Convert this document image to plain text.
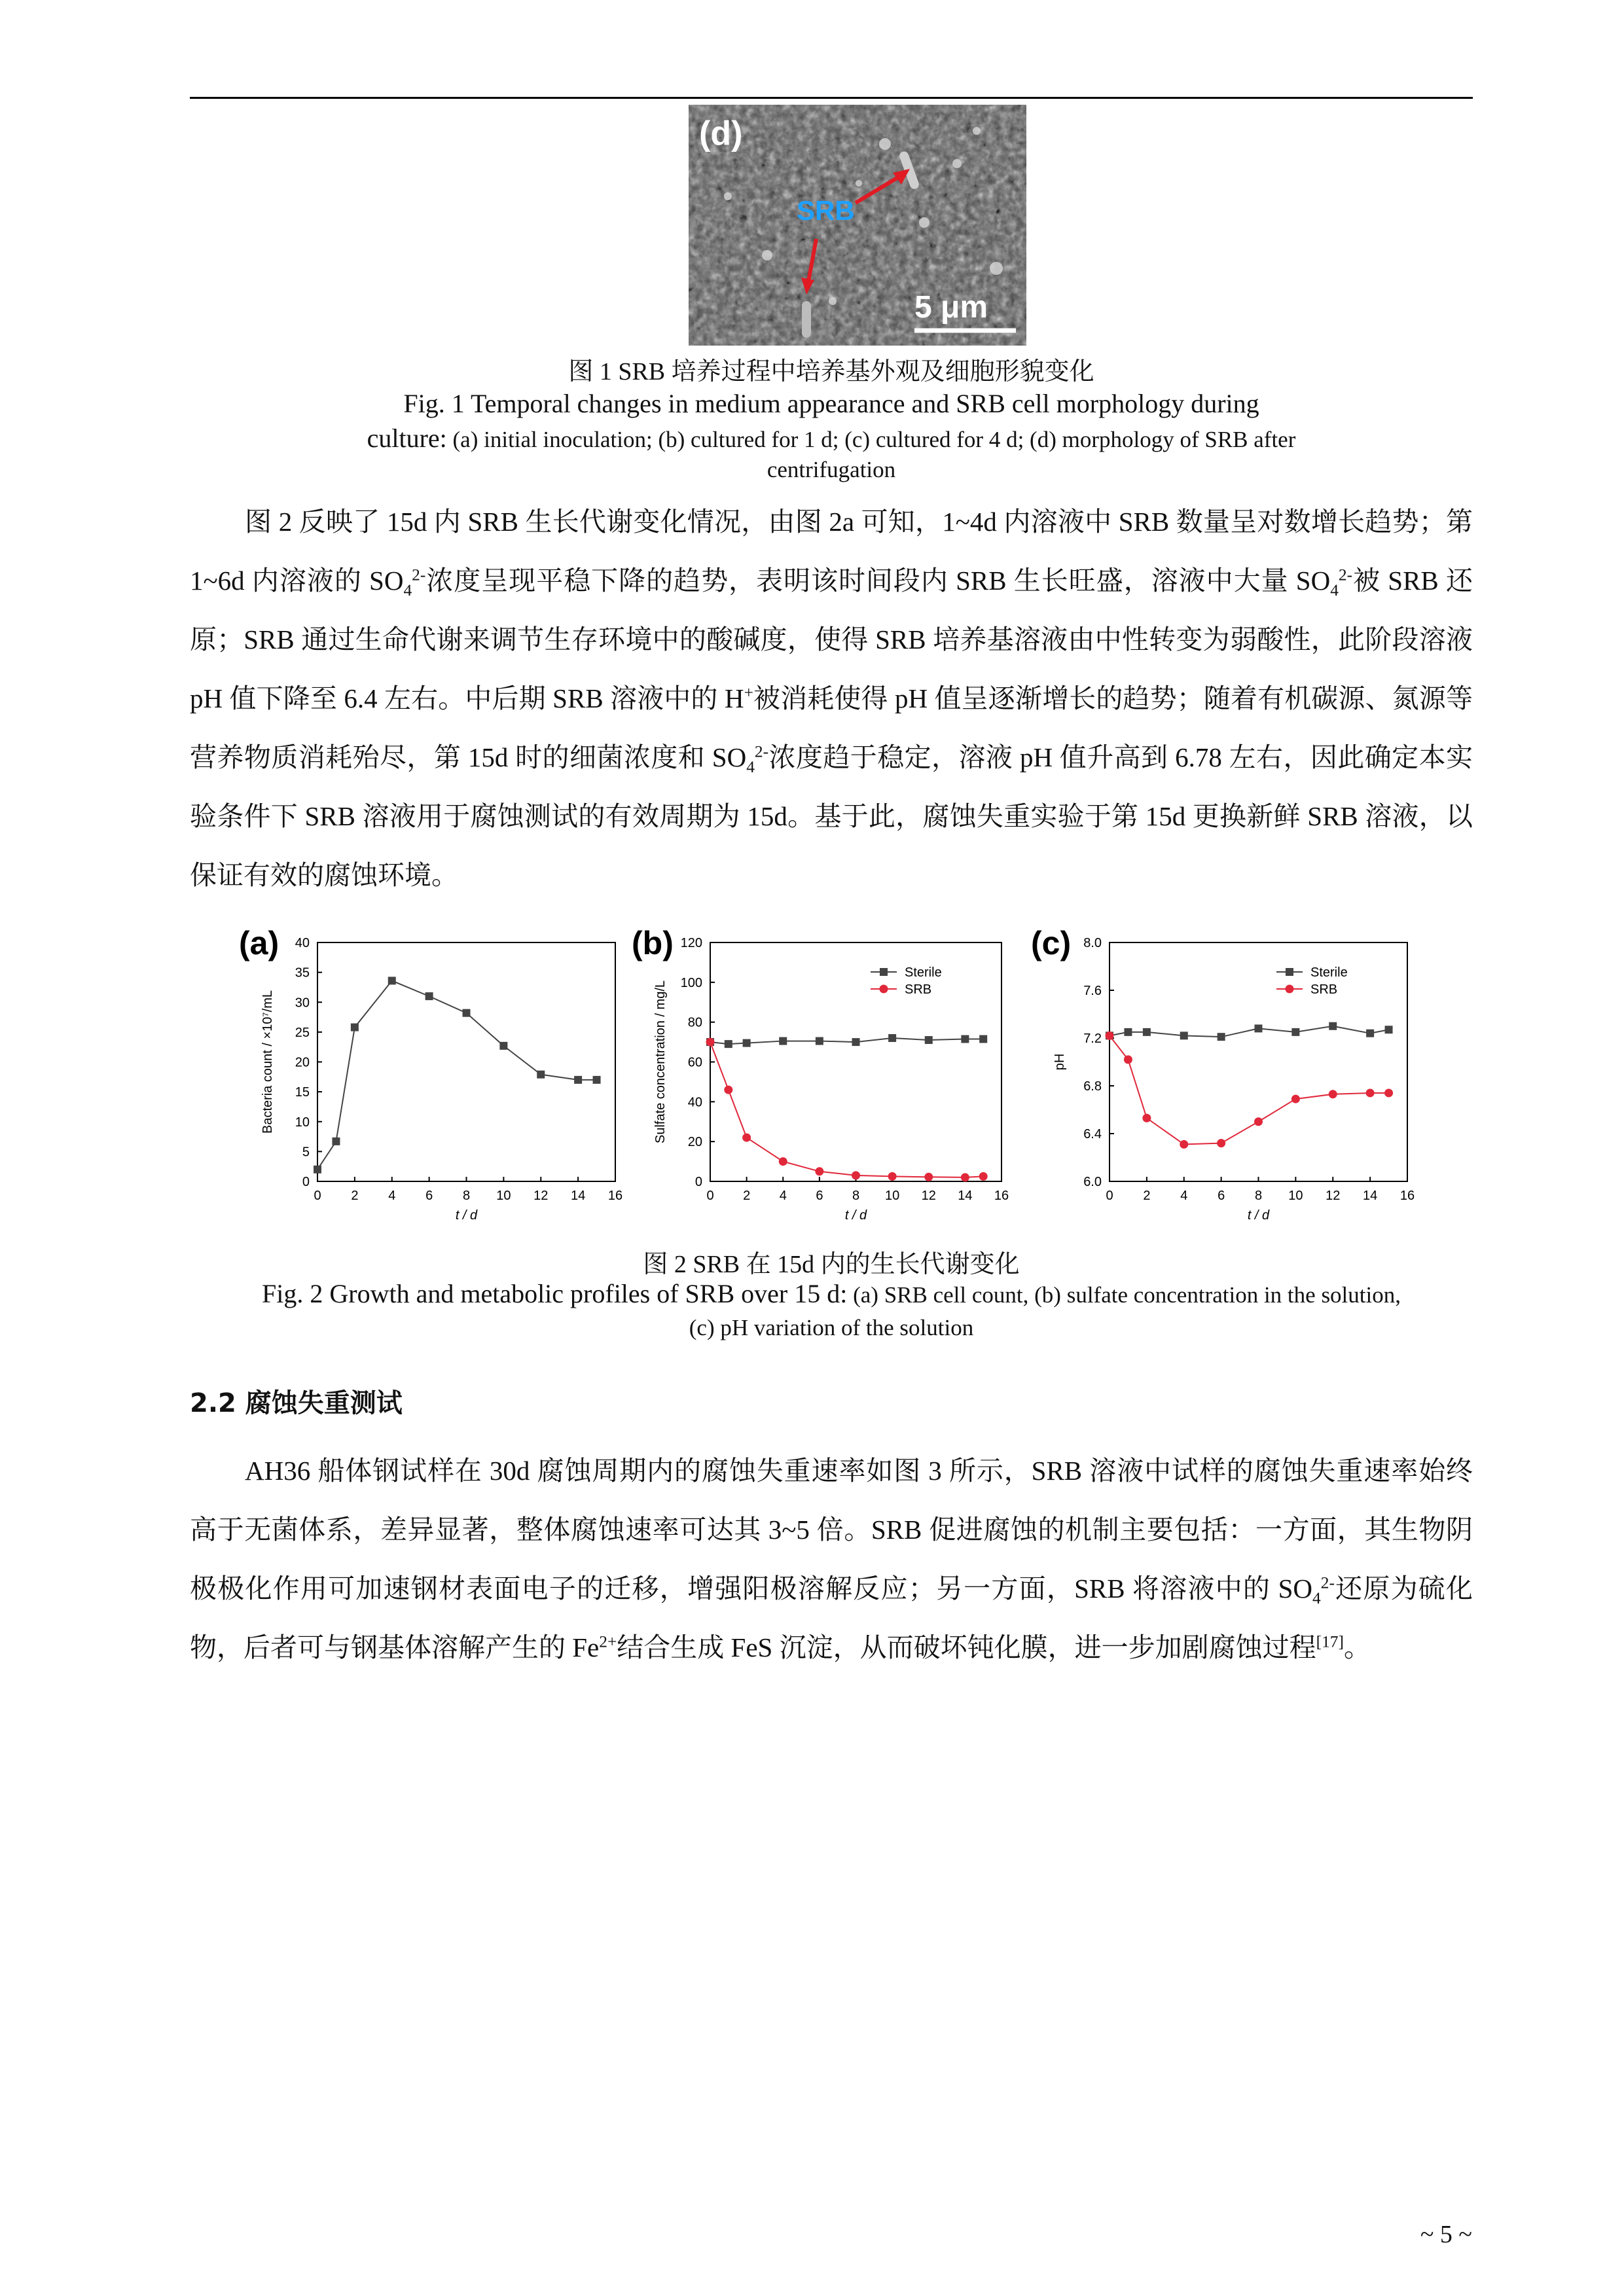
(d)
SRB
5 μm
图 1 SRB 培养过程中培养基外观及细胞形貌变化
Fig. 1 Temporal changes in medium appearance and SRB cell morphology during
culture: (a) initial inoculation; (b) cultured for 1 d; (c) cultured for 4 d; (d) morphology of SRB after
centrifugation

图 2 反映了 15d 内 SRB 生长代谢变化情况，由图 2a 可知，1~4d 内溶液中 SRB 数量呈对数增长趋势；第 1~6d 内溶液的 $SO_4^{2-}$浓度呈现平稳下降的趋势，表明该时间段内 SRB 生长旺盛，溶液中大量 $SO_4^{2-}$被 SRB 还原；SRB 通过生命代谢来调节生存环境中的酸碱度，使得 SRB 培养基溶液由中性转变为弱酸性，此阶段溶液 pH 值下降至 6.4 左右。中后期 SRB 溶液中的 H+被消耗使得 pH 值呈逐渐增长的趋势；随着有机碳源、氮源等营养物质消耗殆尽，第 15d 时的细菌浓度和 $SO_4^{2-}$浓度趋于稳定，溶液 pH 值升高到 6.78 左右，因此确定本实验条件下 SRB 溶液用于腐蚀测试的有效周期为 15d。基于此，腐蚀失重实验于第 15d 更换新鲜 SRB 溶液，以保证有效的腐蚀环境。

(a)
0 2 4 6 8 10 12 14 16
0
5
10
15
20
25
30
35
40
t / d
Bacteria count / ×10⁷/mL
(b)
0 2 4 6 8 10 12 14 16
0
20
40
60
80
100
120
t / d
Sulfate concentration / mg/L
Sterile
SRB
(c)
0 2 4 6 8 10 12 14 16
6.0
6.4
6.8
7.2
7.6
8.0
t / d
pH
Sterile
SRB
图 2 SRB 在 15d 内的生长代谢变化
Fig. 2 Growth and metabolic profiles of SRB over 15 d: (a) SRB cell count, (b) sulfate concentration in the solution,
(c) pH variation of the solution
2.2 腐蚀失重测试

AH36 船体钢试样在 30d 腐蚀周期内的腐蚀失重速率如图 3 所示，SRB 溶液中试样的腐蚀失重速率始终高于无菌体系，差异显著，整体腐蚀速率可达其 3~5 倍。SRB 促进腐蚀的机制主要包括：一方面，其生物阴极极化作用可加速钢材表面电子的迁移，增强阳极溶解反应；另一方面，SRB 将溶液中的 $SO_4^{2-}$还原为硫化物，后者可与钢基体溶解产生的 $Fe^{2+}$结合生成 FeS 沉淀，从而破坏钝化膜，进一步加剧腐蚀过程[17]。

~ 5 ~
